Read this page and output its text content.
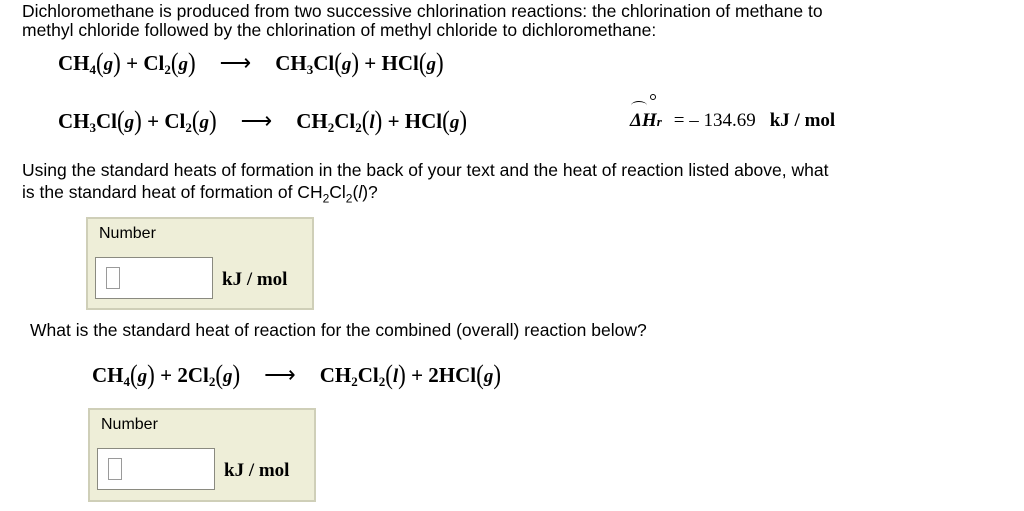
Dichloromethane is produced from two successive chlorination reactions: the chlorination of methane to

methyl chloride followed by the chlorination of methyl chloride to dichloromethane:

$CH_4(g) + Cl_2(g)$ ⟶ $CH_3Cl(g) + HCl(g)$
$CH_3Cl(g) + Cl_2(g)$ ⟶ $CH_2Cl_2(l) + HCl(g)$	ΔH r = – 134.69 kJ / mol

Using the standard heats of formation in the back of your text and the heat of reaction listed above, what

is the standard heat of formation of $CH_2Cl_2(l)$?

Number
kJ / mol

What is the standard heat of reaction for the combined (overall) reaction below?

$CH_4(g) + 2Cl_2(g)$ ⟶ $CH_2Cl_2(l) + 2HCl(g)$
Number
kJ / mol
